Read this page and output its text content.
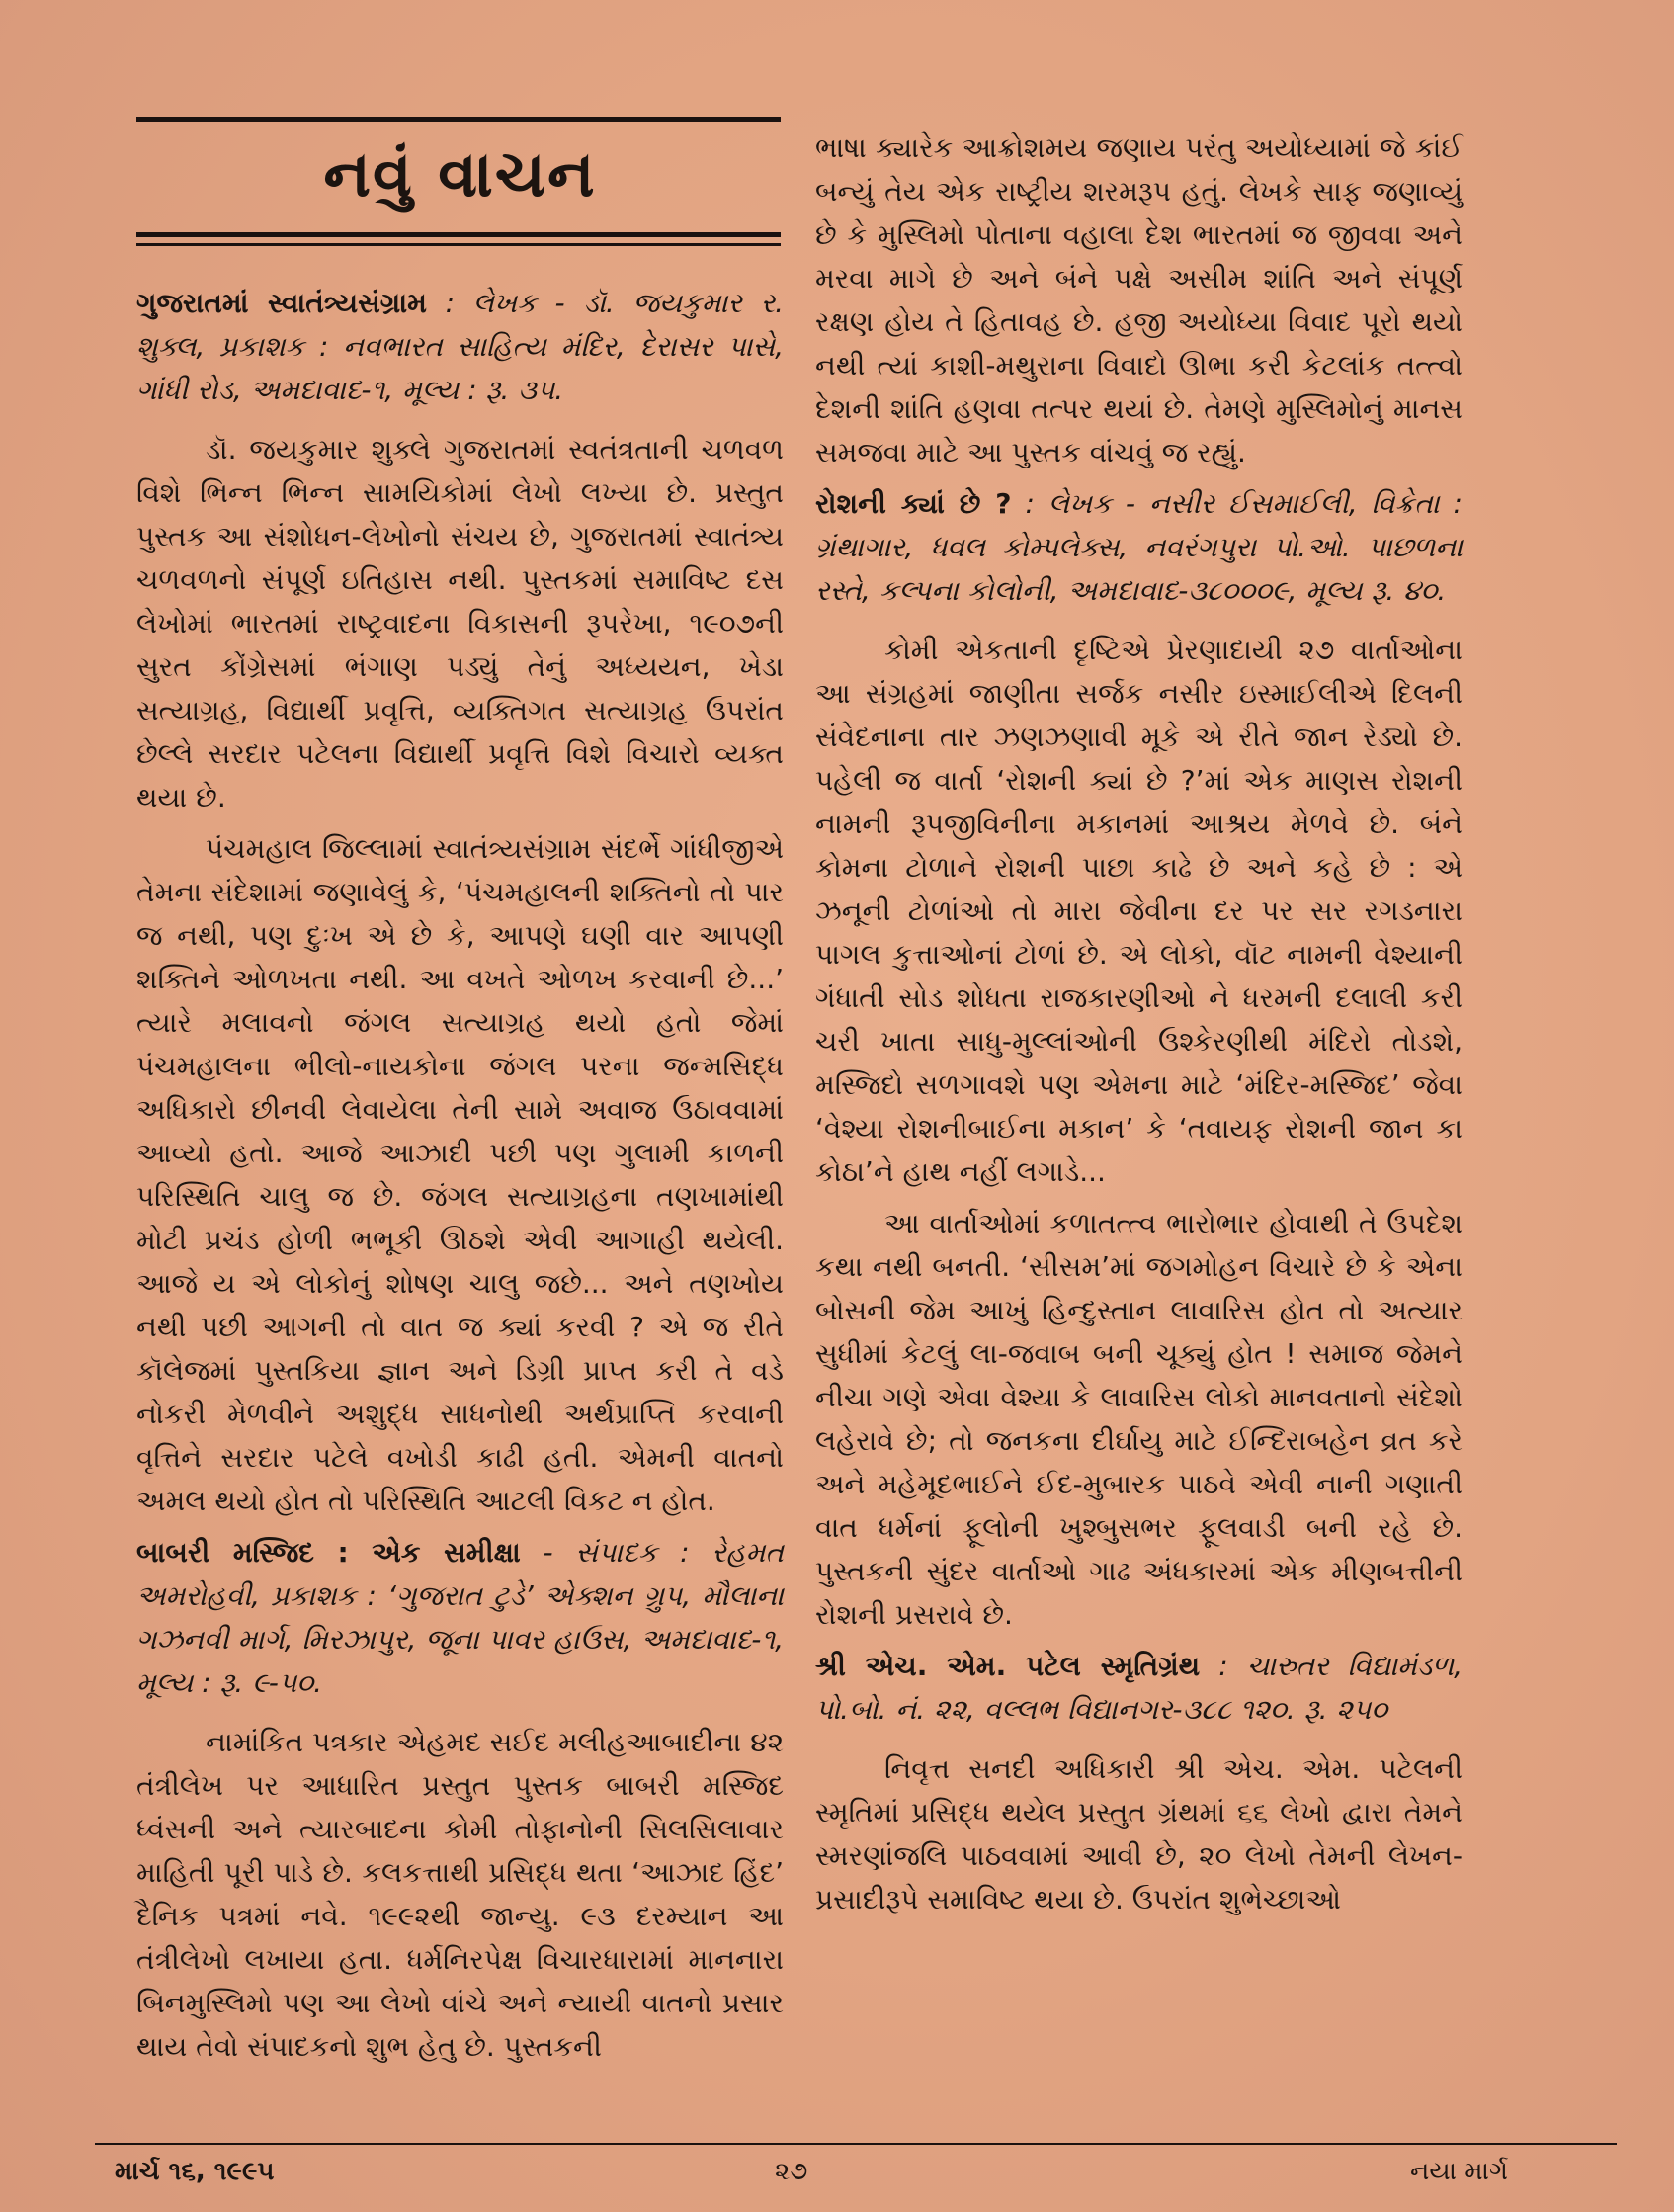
નવું વાચન
ગુજરાતમાં સ્વાતંત્ર્યસંગ્રામ : લેખક - ડૉ. જયકુમાર ર. શુક્લ, પ્રકાશક : નવભારત સાહિત્ય મંદિર, દેરાસર પાસે, ગાંધી રોડ, અમદાવાદ-૧, મૂલ્ય : રૂ. ૩૫.

ડૉ. જયકુમાર શુક્લે ગુજરાતમાં સ્વતંત્રતાની ચળવળ વિશે ભિન્ન ભિન્ન સામયિકોમાં લેખો લખ્યા છે. પ્રસ્તુત પુસ્તક આ સંશોધન-લેખોનો સંચય છે, ગુજરાતમાં સ્વાતંત્ર્ય ચળવળનો સંપૂર્ણ ઇતિહાસ નથી. પુસ્તકમાં સમાવિષ્ટ દસ લેખોમાં ભારતમાં રાષ્ટ્રવાદના વિકાસની રૂપરેખા, ૧૯૦૭ની સુરત કોંગ્રેસમાં ભંગાણ પડ્યું તેનું અધ્યયન, ખેડા સત્યાગ્રહ, વિદ્યાર્થી પ્રવૃત્તિ, વ્યક્તિગત સત્યાગ્રહ ઉપરાંત છેલ્લે સરદાર પટેલના વિદ્યાર્થી પ્રવૃત્તિ વિશે વિચારો વ્યક્ત થયા છે.

પંચમહાલ જિલ્લામાં સ્વાતંત્ર્યસંગ્રામ સંદર્ભે ગાંધીજીએ તેમના સંદેશામાં જણાવેલું કે, ‘પંચમહાલની શક્તિનો તો પાર જ નથી, પણ દુઃખ એ છે કે, આપણે ઘણી વાર આપણી શક્તિને ઓળખતા નથી. આ વખતે ઓળખ કરવાની છે...’ ત્યારે મલાવનો જંગલ સત્યાગ્રહ થયો હતો જેમાં પંચમહાલના ભીલો-નાયકોના જંગલ પરના જન્મસિદ્ધ અધિકારો છીનવી લેવાયેલા તેની સામે અવાજ ઉઠાવવામાં આવ્યો હતો. આજે આઝાદી પછી પણ ગુલામી કાળની પરિસ્થિતિ ચાલુ જ છે. જંગલ સત્યાગ્રહના તણખામાંથી મોટી પ્રચંડ હોળી ભભૂકી ઊઠશે એવી આગાહી થયેલી. આજે ય એ લોકોનું શોષણ ચાલુ જછે... અને તણખોય નથી પછી આગની તો વાત જ ક્યાં કરવી ? એ જ રીતે કૉલેજમાં પુસ્તકિયા જ્ઞાન અને ડિગ્રી પ્રાપ્ત કરી તે વડે નોકરી મેળવીને અશુદ્ધ સાધનોથી અર્થપ્રાપ્તિ કરવાની વૃત્તિને સરદાર પટેલે વખોડી કાઢી હતી. એમની વાતનો અમલ થયો હોત તો પરિસ્થિતિ આટલી વિકટ ન હોત.

બાબરી મસ્જિદ : એક સમીક્ષા - સંપાદક : રેહમત અમરોહવી, પ્રકાશક : ‘ગુજરાત ટુડે’ એક્શન ગ્રુપ, મૌલાના ગઝનવી માર્ગ, મિરઝાપુર, જૂના પાવર હાઉસ, અમદાવાદ-૧, મૂલ્ય : રૂ. ૯-૫૦.

નામાંકિત પત્રકાર એહમદ સઈદ મલીહઆબાદીના ૪૨ તંત્રીલેખ પર આધારિત પ્રસ્તુત પુસ્તક બાબરી મસ્જિદ ધ્વંસની અને ત્યારબાદના કોમી તોફાનોની સિલસિલાવાર માહિતી પૂરી પાડે છે. કલકત્તાથી પ્રસિદ્ધ થતા ‘આઝાદ હિંદ’ દૈનિક પત્રમાં નવે. ૧૯૯૨થી જાન્યુ. ૯૩ દરમ્યાન આ તંત્રીલેખો લખાયા હતા. ધર્મનિરપેક્ષ વિચારધારામાં માનનારા બિનમુસ્લિમો પણ આ લેખો વાંચે અને ન્યાયી વાતનો પ્રસાર થાય તેવો સંપાદકનો શુભ હેતુ છે. પુસ્તકની

ભાષા ક્યારેક આક્રોશમય જણાય પરંતુ અયોધ્યામાં જે કાંઈ બન્યું તેય એક રાષ્ટ્રીય શરમરૂપ હતું. લેખકે સાફ જણાવ્યું છે કે મુસ્લિમો પોતાના વહાલા દેશ ભારતમાં જ જીવવા અને મરવા માગે છે અને બંને પક્ષે અસીમ શાંતિ અને સંપૂર્ણ રક્ષણ હોય તે હિતાવહ છે. હજી અયોધ્યા વિવાદ પૂરો થયો નથી ત્યાં કાશી-મથુરાના વિવાદો ઊભા કરી કેટલાંક તત્ત્વો દેશની શાંતિ હણવા તત્પર થયાં છે. તેમણે મુસ્લિમોનું માનસ સમજવા માટે આ પુસ્તક વાંચવું જ રહ્યું.

રોશની ક્યાં છે ? : લેખક - નસીર ઈસમાઈલી, વિક્રેતા : ગ્રંથાગાર, ધવલ કોમ્પલેક્સ, નવરંગપુરા પો.ઓ. પાછળના રસ્તે, કલ્પના કોલોની, અમદાવાદ-૩૮૦૦૦૯, મૂલ્ય રૂ. ૪૦.

કોમી એકતાની દૃષ્ટિએ પ્રેરણાદાયી ૨૭ વાર્તાઓના આ સંગ્રહમાં જાણીતા સર્જક નસીર ઇસ્માઈલીએ દિલની સંવેદનાના તાર ઝણઝણાવી મૂકે એ રીતે જાન રેડ્યો છે. પહેલી જ વાર્તા ‘રોશની ક્યાં છે ?’માં એક માણસ રોશની નામની રૂપજીવિનીના મકાનમાં આશ્રય મેળવે છે. બંને કોમના ટોળાને રોશની પાછા કાઢે છે અને કહે છે : એ ઝનૂની ટોળાંઓ તો મારા જેવીના દર પર સર રગડનારા પાગલ કુત્તાઓનાં ટોળાં છે. એ લોકો, વૉટ નામની વેશ્યાની ગંધાતી સોડ શોધતા રાજકારણીઓ ને ધરમની દલાલી કરી ચરી ખાતા સાધુ-મુલ્લાંઓની ઉશ્કેરણીથી મંદિરો તોડશે, મસ્જિદો સળગાવશે પણ એમના માટે ‘મંદિર-મસ્જિદ’ જેવા ‘વેશ્યા રોશનીબાઈના મકાન’ કે ‘તવાયફ રોશની જાન કા કોઠા’ને હાથ નહીં લગાડે...

આ વાર્તાઓમાં કળાતત્ત્વ ભારોભાર હોવાથી તે ઉપદેશ કથા નથી બનતી. ‘સીસમ’માં જગમોહન વિચારે છે કે એના બોસની જેમ આખું હિન્દુસ્તાન લાવારિસ હોત તો અત્યાર સુધીમાં કેટલું લા-જવાબ બની ચૂક્યું હોત ! સમાજ જેમને નીચા ગણે એવા વેશ્યા કે લાવારિસ લોકો માનવતાનો સંદેશો લહેરાવે છે; તો જનકના દીર્ઘાયુ માટે ઈન્દિરાબહેન વ્રત કરે અને મહેમૂદભાઈને ઈદ-મુબારક પાઠવે એવી નાની ગણાતી વાત ધર્મનાં ફૂલોની ખુશ્બુસભર ફૂલવાડી બની રહે છે. પુસ્તકની સુંદર વાર્તાઓ ગાઢ અંધકારમાં એક મીણબત્તીની રોશની પ્રસરાવે છે.

શ્રી એચ. એમ. પટેલ સ્મૃતિગ્રંથ : ચારુતર વિદ્યામંડળ, પો.બો. નં. ૨૨, વલ્લભ વિદ્યાનગર-૩૮૮ ૧૨૦. રૂ. ૨૫૦

નિવૃત્ત સનદી અધિકારી શ્રી એચ. એમ. પટેલની સ્મૃતિમાં પ્રસિદ્ધ થયેલ પ્રસ્તુત ગ્રંથમાં ૬૬ લેખો દ્વારા તેમને સ્મરણાંજલિ પાઠવવામાં આવી છે, ૨૦ લેખો તેમની લેખન-પ્રસાદીરૂપે સમાવિષ્ટ થયા છે. ઉપરાંત શુભેચ્છાઓ

માર્ચ ૧૬, ૧૯૯૫	૨૭	નયા માર્ગ
